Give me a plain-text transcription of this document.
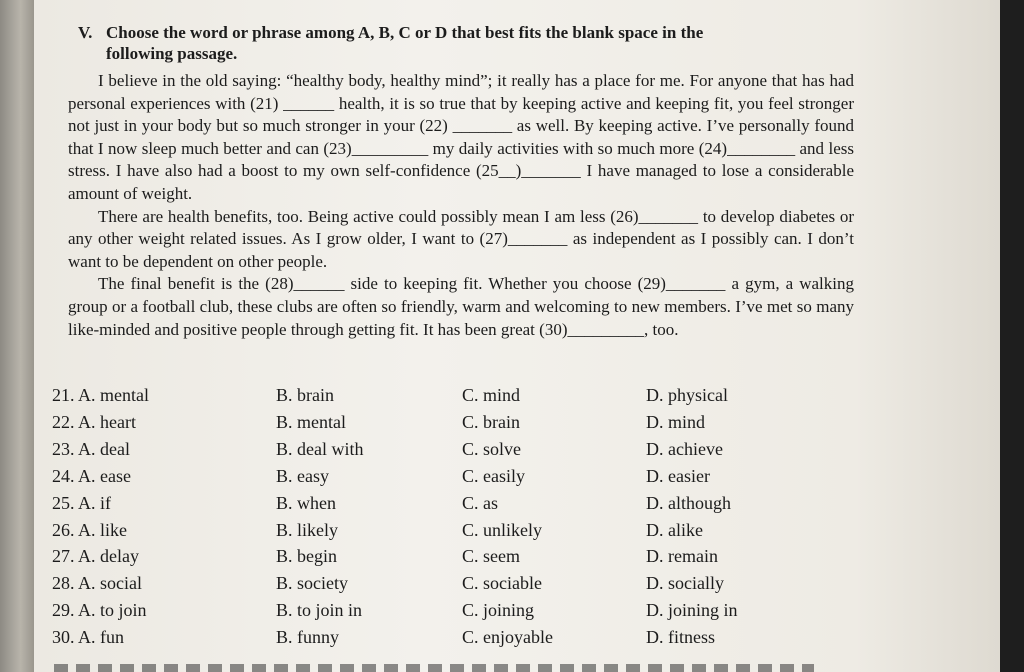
V. Choose the word or phrase among A, B, C or D that best fits the blank space in the
following passage.

I believe in the old saying: “healthy body, healthy mind”; it really has a place for me. For anyone that has had personal experiences with (21) ______ health, it is so true that by keeping active and keeping fit, you feel stronger not just in your body but so much stronger in your (22) _______ as well. By keeping active. I’ve personally found that I now sleep much better and can (23)_________ my daily activities with so much more (24)________ and less stress. I have also had a boost to my own self-confidence (25__)_______ I have managed to lose a considerable amount of weight.

There are health benefits, too. Being active could possibly mean I am less (26)_______ to develop diabetes or any other weight related issues. As I grow older, I want to (27)_______ as independent as I possibly can. I don’t want to be dependent on other people.

The final benefit is the (28)______ side to keeping fit. Whether you choose (29)_______ a gym, a walking group or a football club, these clubs are often so friendly, warm and welcoming to new members. I’ve met so many like-minded and positive people through getting fit. It has been great (30)_________, too.

21. A. mental	B. brain	C. mind	D. physical
22. A. heart	B. mental	C. brain	D. mind
23. A. deal	B. deal with	C. solve	D. achieve
24. A. ease	B. easy	C. easily	D. easier
25. A. if	B. when	C. as	D. although
26. A. like	B. likely	C. unlikely	D. alike
27. A. delay	B. begin	C. seem	D. remain
28. A. social	B. society	C. sociable	D. socially
29. A. to join	B. to join in	C. joining	D. joining in
30. A. fun	B. funny	C. enjoyable	D. fitness
